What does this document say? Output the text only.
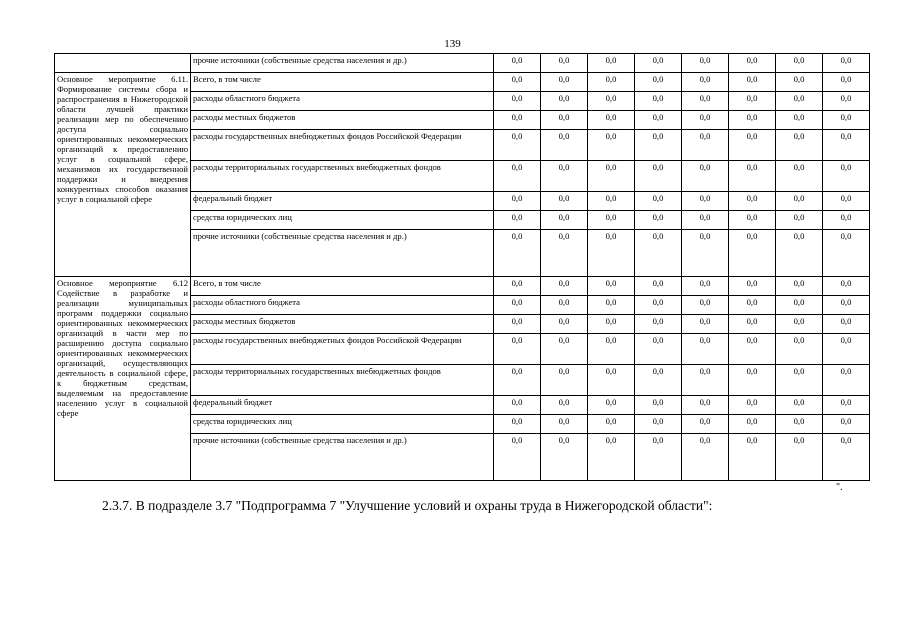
139
	прочие источники (собственные средства населения и др.)	0,0	0,0	0,0	0,0	0,0	0,0	0,0	0,0
Основное мероприятие 6.11. Формирование системы сбора и распространения в Нижегородской области лучшей практики реализации мер по обеспечению доступа социально ориентированных некоммерческих организаций к предоставлению услуг в социальной сфере, механизмов их государственной поддержки и внедрения конкурентных способов оказания услуг в социальной сфере	Всего, в том числе	0,0	0,0	0,0	0,0	0,0	0,0	0,0	0,0
	расходы областного бюджета	0,0	0,0	0,0	0,0	0,0	0,0	0,0	0,0
	расходы местных бюджетов	0,0	0,0	0,0	0,0	0,0	0,0	0,0	0,0
	расходы государственных внебюджетных фондов Российской Федерации	0,0	0,0	0,0	0,0	0,0	0,0	0,0	0,0
	расходы территориальных государственных внебюджетных фондов	0,0	0,0	0,0	0,0	0,0	0,0	0,0	0,0
	федеральный бюджет	0,0	0,0	0,0	0,0	0,0	0,0	0,0	0,0
	средства юридических лиц	0,0	0,0	0,0	0,0	0,0	0,0	0,0	0,0
	прочие источники (собственные средства населения и др.)	0,0	0,0	0,0	0,0	0,0	0,0	0,0	0,0
Основное мероприятие 6.12 Содействие в разработке и реализации муниципальных программ поддержки социально ориентированных некоммерческих организаций в части мер по расширению доступа социально ориентированных некоммерческих организаций, осуществляющих деятельность в социальной сфере, к бюджетным средствам, выделяемым на предоставление населению услуг в социальной сфере	Всего, в том числе	0,0	0,0	0,0	0,0	0,0	0,0	0,0	0,0
	расходы областного бюджета	0,0	0,0	0,0	0,0	0,0	0,0	0,0	0,0
	расходы местных бюджетов	0,0	0,0	0,0	0,0	0,0	0,0	0,0	0,0
	расходы государственных внебюджетных фондов Российской Федерации	0,0	0,0	0,0	0,0	0,0	0,0	0,0	0,0
	расходы территориальных государственных внебюджетных фондов	0,0	0,0	0,0	0,0	0,0	0,0	0,0	0,0
	федеральный бюджет	0,0	0,0	0,0	0,0	0,0	0,0	0,0	0,0
	средства юридических лиц	0,0	0,0	0,0	0,0	0,0	0,0	0,0	0,0
	прочие источники (собственные средства населения и др.)	0,0	0,0	0,0	0,0	0,0	0,0	0,0	0,0
".
2.3.7. В подразделе 3.7 "Подпрограмма 7 "Улучшение условий и охраны труда в Нижегородской области":
